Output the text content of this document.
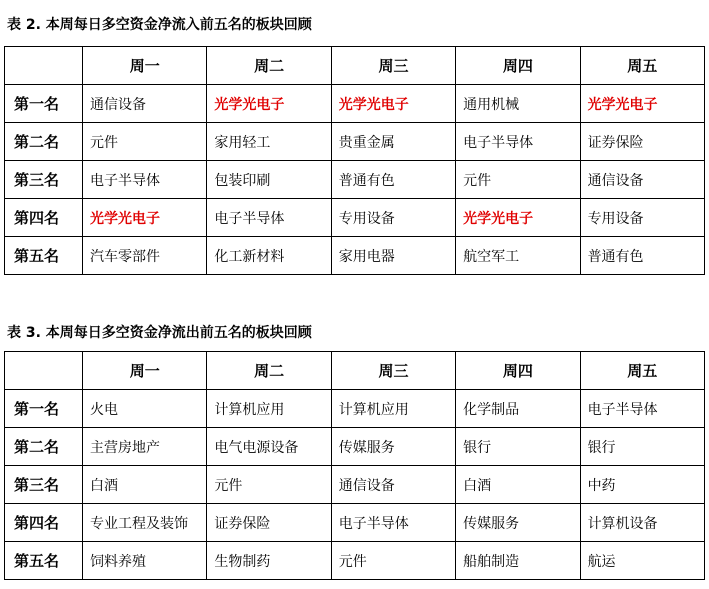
表 2. 本周每日多空资金净流入前五名的板块回顾
	周一	周二	周三	周四	周五
第一名	通信设备	光学光电子	光学光电子	通用机械	光学光电子
第二名	元件	家用轻工	贵重金属	电子半导体	证券保险
第三名	电子半导体	包装印刷	普通有色	元件	通信设备
第四名	光学光电子	电子半导体	专用设备	光学光电子	专用设备
第五名	汽车零部件	化工新材料	家用电器	航空军工	普通有色
表 3. 本周每日多空资金净流出前五名的板块回顾
	周一	周二	周三	周四	周五
第一名	火电	计算机应用	计算机应用	化学制品	电子半导体
第二名	主营房地产	电气电源设备	传媒服务	银行	银行
第三名	白酒	元件	通信设备	白酒	中药
第四名	专业工程及装饰	证券保险	电子半导体	传媒服务	计算机设备
第五名	饲料养殖	生物制药	元件	船舶制造	航运
